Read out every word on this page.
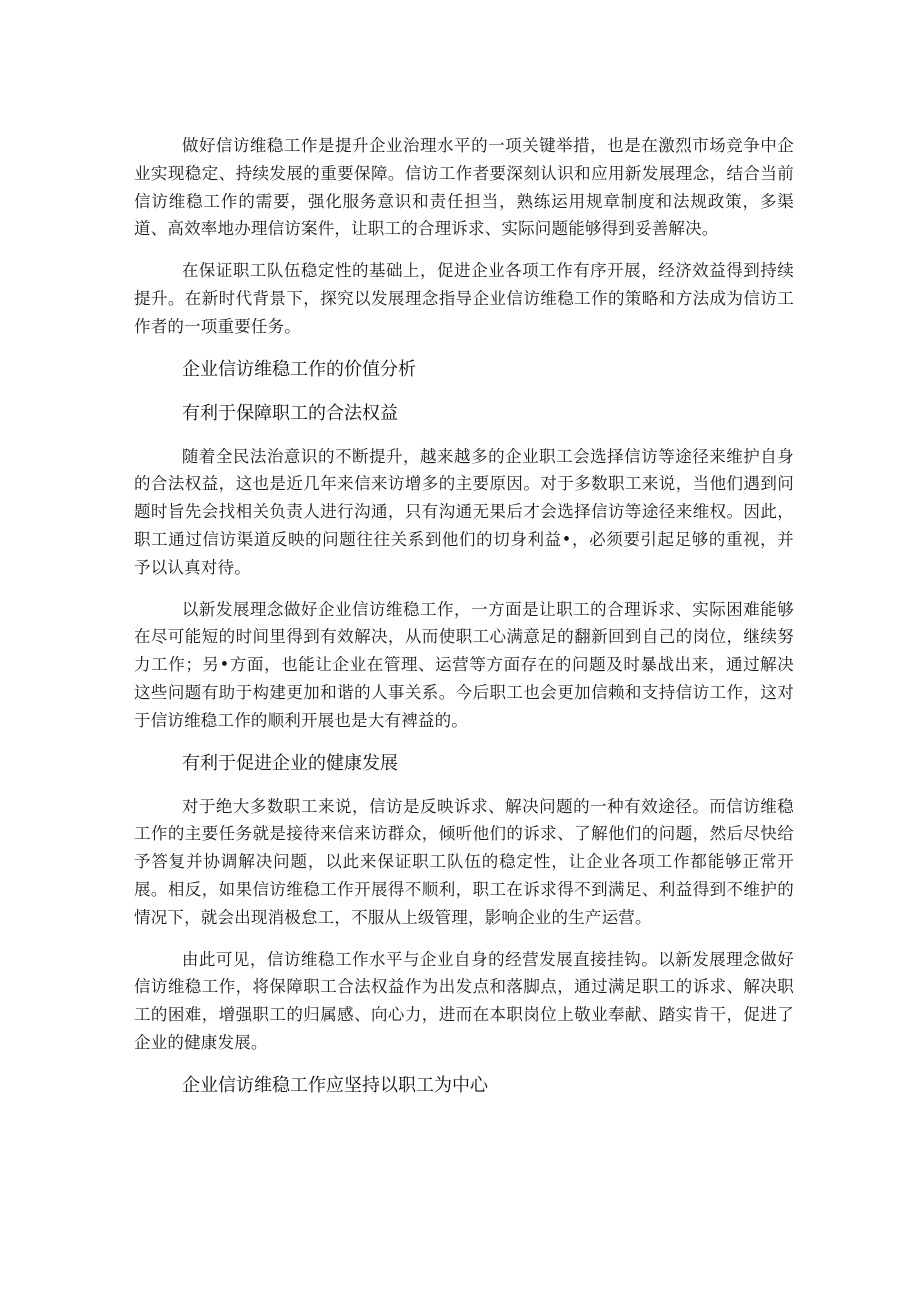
做好信访维稳工作是提升企业治理水平的一项关键举措，也是在激烈市场竞争中企业实现稳定、持续发展的重要保障。信访工作者要深刻认识和应用新发展理念，结合当前信访维稳工作的需要，强化服务意识和责任担当，熟练运用规章制度和法规政策，多渠道、高效率地办理信访案件，让职工的合理诉求、实际问题能够得到妥善解决。

在保证职工队伍稳定性的基础上，促进企业各项工作有序开展，经济效益得到持续提升。在新时代背景下，探究以发展理念指导企业信访维稳工作的策略和方法成为信访工作者的一项重要任务。

企业信访维稳工作的价值分析
有利于保障职工的合法权益

随着全民法治意识的不断提升，越来越多的企业职工会选择信访等途径来维护自身的合法权益，这也是近几年来信来访增多的主要原因。对于多数职工来说，当他们遇到问题时旨先会找相关负责人进行沟通，只有沟通无果后才会选择信访等途径来维权。因此，职工通过信访渠道反映的问题往往关系到他们的切身利益•，必须要引起足够的重视，并予以认真对待。

以新发展理念做好企业信访维稳工作，一方面是让职工的合理诉求、实际困难能够在尽可能短的时间里得到有效解决，从而使职工心满意足的翻新回到自己的岗位，继续努力工作；另•方面，也能让企业在管理、运营等方面存在的问题及时暴战出来，通过解决这些问题有助于构建更加和谐的人事关系。今后职工也会更加信赖和支持信访工作，这对于信访维稳工作的顺利开展也是大有裨益的。

有利于促进企业的健康发展

对于绝大多数职工来说，信访是反映诉求、解决问题的一种有效途径。而信访维稳工作的主要任务就是接待来信来访群众，倾听他们的诉求、了解他们的问题，然后尽快给予答复并协调解决问题，以此来保证职工队伍的稳定性，让企业各项工作都能够正常开展。相反，如果信访维稳工作开展得不顺利，职工在诉求得不到满足、利益得到不维护的情况下，就会出现消极怠工，不服从上级管理，影响企业的生产运营。

由此可见，信访维稳工作水平与企业自身的经营发展直接挂钩。以新发展理念做好信访维稳工作，将保障职工合法权益作为出发点和落脚点，通过满足职工的诉求、解决职工的困难，增强职工的归属感、向心力，进而在本职岗位上敬业奉献、踏实肯干，促进了企业的健康发展。

企业信访维稳工作应坚持以职工为中心
